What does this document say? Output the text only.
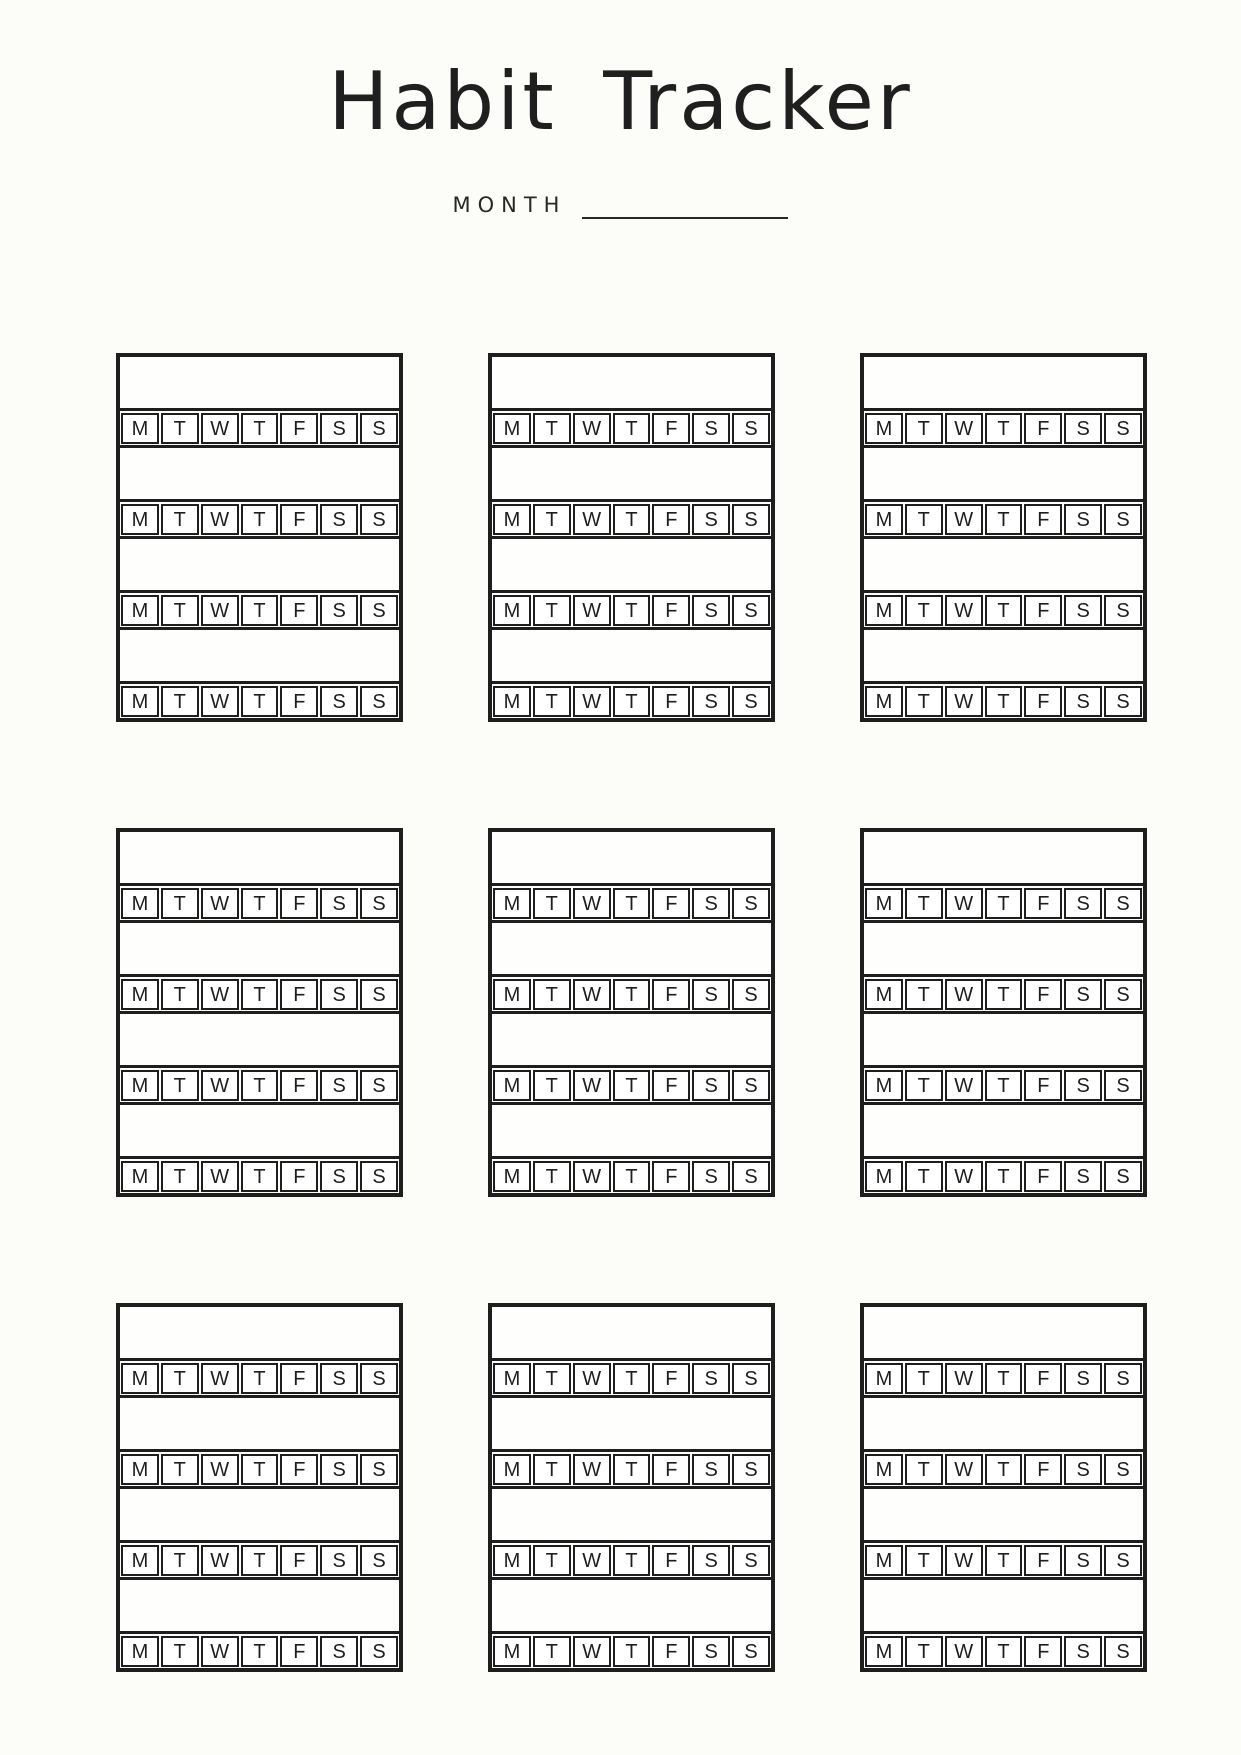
Habit Tracker
MONTH
M	T	W	T	F	S	S
M	T	W	T	F	S	S
M	T	W	T	F	S	S
M	T	W	T	F	S	S
M	T	W	T	F	S	S
M	T	W	T	F	S	S
M	T	W	T	F	S	S
M	T	W	T	F	S	S
M	T	W	T	F	S	S
M	T	W	T	F	S	S
M	T	W	T	F	S	S
M	T	W	T	F	S	S
M	T	W	T	F	S	S
M	T	W	T	F	S	S
M	T	W	T	F	S	S
M	T	W	T	F	S	S
M	T	W	T	F	S	S
M	T	W	T	F	S	S
M	T	W	T	F	S	S
M	T	W	T	F	S	S
M	T	W	T	F	S	S
M	T	W	T	F	S	S
M	T	W	T	F	S	S
M	T	W	T	F	S	S
M	T	W	T	F	S	S
M	T	W	T	F	S	S
M	T	W	T	F	S	S
M	T	W	T	F	S	S
M	T	W	T	F	S	S
M	T	W	T	F	S	S
M	T	W	T	F	S	S
M	T	W	T	F	S	S
M	T	W	T	F	S	S
M	T	W	T	F	S	S
M	T	W	T	F	S	S
M	T	W	T	F	S	S
